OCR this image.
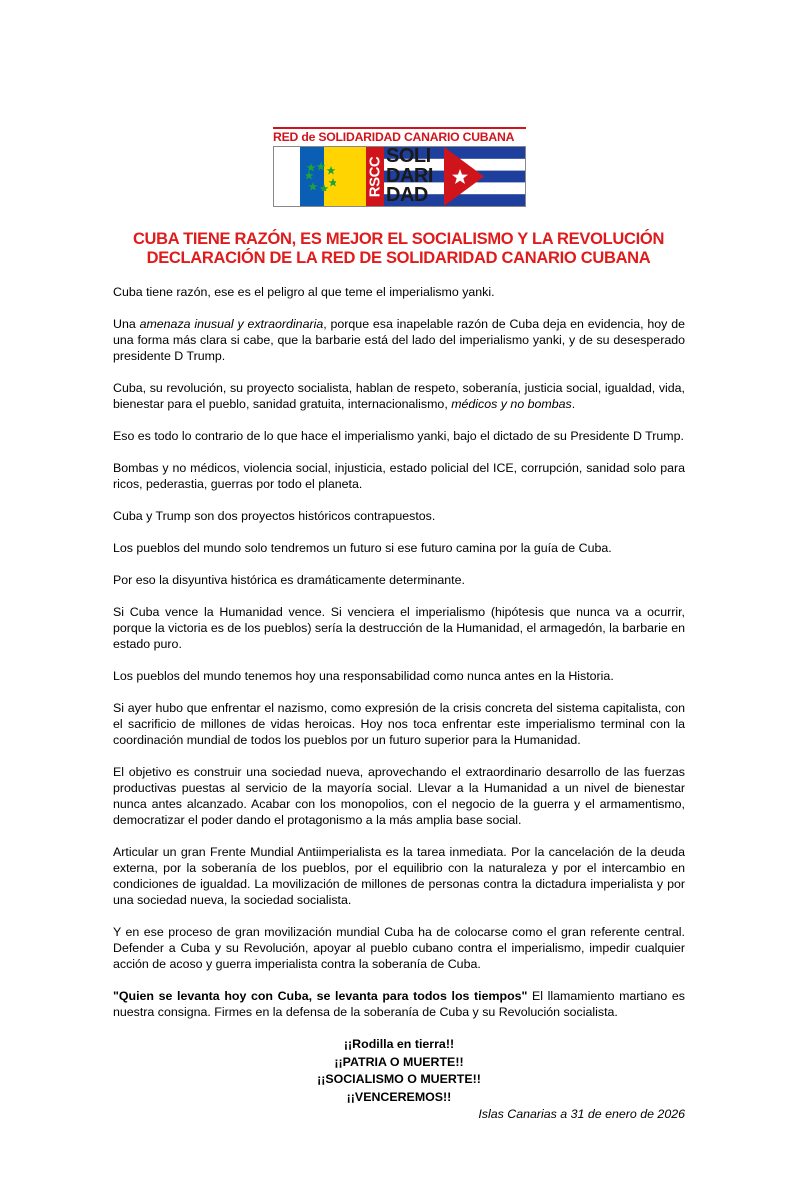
RED de SOLIDARIDAD CANARIO CUBANA
RSCC
SOLI
DARI
DAD
CUBA TIENE RAZÓN, ES MEJOR EL SOCIALISMO Y LA REVOLUCIÓN
DECLARACIÓN DE LA RED DE SOLIDARIDAD CANARIO CUBANA

Cuba tiene razón, ese es el peligro al que teme el imperialismo yanki.

Una amenaza inusual y extraordinaria, porque esa inapelable razón de Cuba deja en evidencia, hoy de una forma más clara si cabe, que la barbarie está del lado del imperialismo yanki, y de su desesperado presidente D Trump.

Cuba, su revolución, su proyecto socialista, hablan de respeto, soberanía, justicia social, igualdad, vida, bienestar para el pueblo, sanidad gratuita, internacionalismo, médicos y no bombas.

Eso es todo lo contrario de lo que hace el imperialismo yanki, bajo el dictado de su Presidente D Trump.

Bombas y no médicos, violencia social, injusticia, estado policial del ICE, corrupción, sanidad solo para ricos, pederastia, guerras por todo el planeta.

Cuba y Trump son dos proyectos históricos contrapuestos.

Los pueblos del mundo solo tendremos un futuro si ese futuro camina por la guía de Cuba.

Por eso la disyuntiva histórica es dramáticamente determinante.

Si Cuba vence la Humanidad vence. Si venciera el imperialismo (hipótesis que nunca va a ocurrir, porque la victoria es de los pueblos) sería la destrucción de la Humanidad, el armagedón, la barbarie en estado puro.

Los pueblos del mundo tenemos hoy una responsabilidad como nunca antes en la Historia.

Si ayer hubo que enfrentar el nazismo, como expresión de la crisis concreta del sistema capitalista, con el sacrificio de millones de vidas heroicas. Hoy nos toca enfrentar este imperialismo terminal con la coordinación mundial de todos los pueblos por un futuro superior para la Humanidad.

El objetivo es construir una sociedad nueva, aprovechando el extraordinario desarrollo de las fuerzas productivas puestas al servicio de la mayoría social. Llevar a la Humanidad a un nivel de bienestar nunca antes alcanzado. Acabar con los monopolios, con el negocio de la guerra y el armamentismo, democratizar el poder dando el protagonismo a la más amplia base social.

Articular un gran Frente Mundial Antiimperialista es la tarea inmediata. Por la cancelación de la deuda externa, por la soberanía de los pueblos, por el equilibrio con la naturaleza y por el intercambio en condiciones de igualdad. La movilización de millones de personas contra la dictadura imperialista y por una sociedad nueva, la sociedad socialista.

Y en ese proceso de gran movilización mundial Cuba ha de colocarse como el gran referente central. Defender a Cuba y su Revolución, apoyar al pueblo cubano contra el imperialismo, impedir cualquier acción de acoso y guerra imperialista contra la soberanía de Cuba.

"Quien se levanta hoy con Cuba, se levanta para todos los tiempos" El llamamiento martiano es nuestra consigna. Firmes en la defensa de la soberanía de Cuba y su Revolución socialista.

¡¡Rodilla en tierra!!
¡¡PATRIA O MUERTE!!
¡¡SOCIALISMO O MUERTE!!
¡¡VENCEREMOS!!
Islas Canarias a 31 de enero de 2026
